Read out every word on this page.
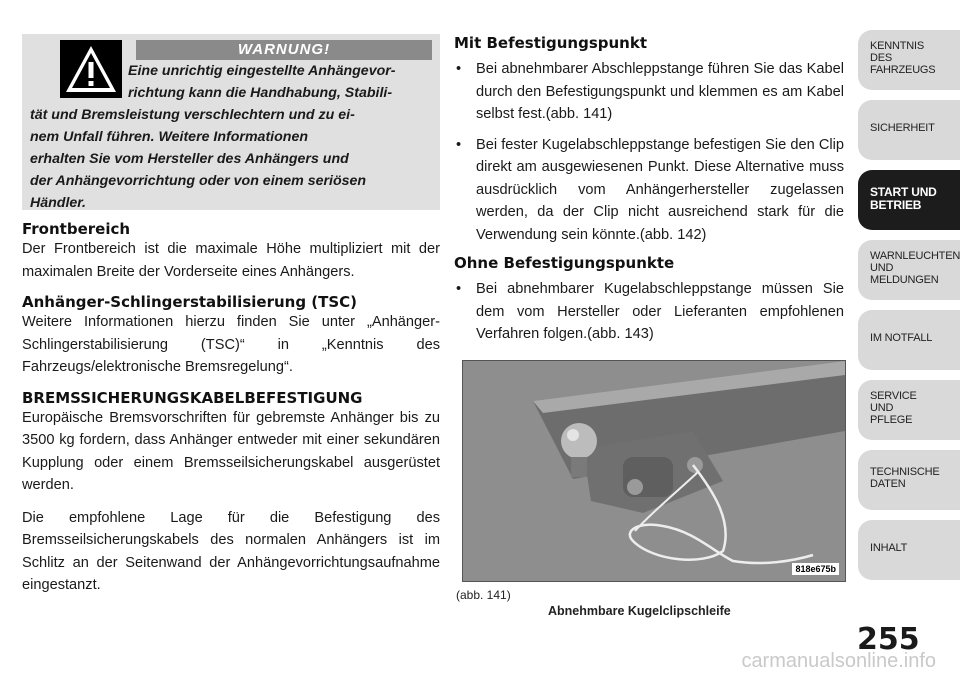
WARNUNG!
Eine unrichtig eingestellte Anhängevor-
richtung kann die Handhabung, Stabili-
tät und Bremsleistung verschlechtern und zu ei-
nem Unfall führen. Weitere Informationen
erhalten Sie vom Hersteller des Anhängers und
der Anhängevorrichtung oder von einem seriösen
Händler.
Frontbereich

Der Frontbereich ist die maximale Höhe multipliziert mit der maximalen Breite der Vorderseite eines Anhängers.

Anhänger-Schlingerstabilisierung (TSC)

Weitere Informationen hierzu finden Sie unter „Anhänger-Schlingerstabilisierung (TSC)“ in „Kenntnis des Fahrzeugs/elektronische Bremsregelung“.

BREMSSICHERUNGSKABELBEFESTIGUNG

Europäische Bremsvorschriften für gebremste Anhänger bis zu 3500 kg fordern, dass Anhänger entweder mit einer sekundären Kupplung oder einem Bremsseilsicherungskabel ausgerüstet werden.

Die empfohlene Lage für die Befestigung des Bremsseilsicherungskabels des normalen Anhängers ist im Schlitz an der Seitenwand der Anhängevorrichtungsaufnahme eingestanzt.

Mit Befestigungspunkt
• Bei abnehmbarer Abschleppstange führen Sie das Kabel durch den Befestigungspunkt und klemmen es am Kabel selbst fest.(abb. 141)
• Bei fester Kugelabschleppstange befestigen Sie den Clip direkt am ausgewiesenen Punkt. Diese Alternative muss ausdrücklich vom Anhängerhersteller zugelassen werden, da der Clip nicht ausreichend stark für die Verwendung sein könnte.(abb. 142)
Ohne Befestigungspunkte
• Bei abnehmbarer Kugelabschleppstange müssen Sie dem vom Hersteller oder Lieferanten empfohlenen Verfahren folgen.(abb. 143)
818e675b
(abb. 141)
Abnehmbare Kugelclipschleife
KENNTNIS
DES
FAHRZEUGS
SICHERHEIT
START UND
BETRIEB
WARNLEUCHTEN
UND
MELDUNGEN
IM NOTFALL
SERVICE
UND
PFLEGE
TECHNISCHE
DATEN
INHALT
255
carmanualsonline.info
